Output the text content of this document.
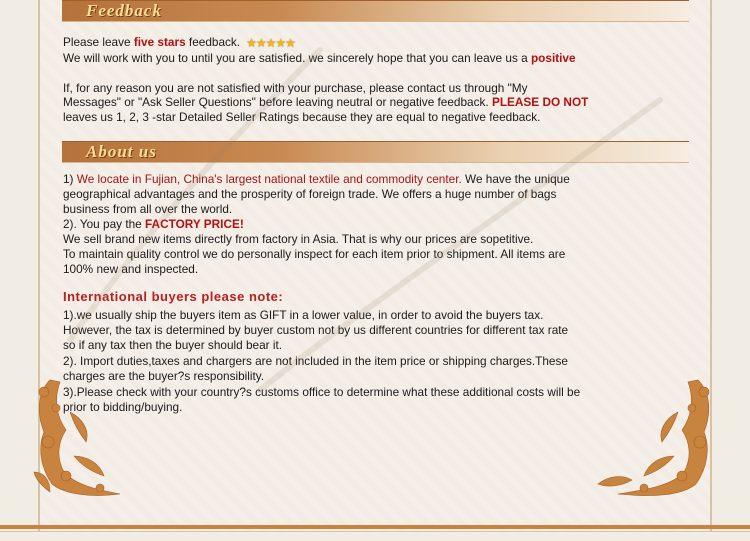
Feedback
Please leave five stars feedback. ★★★★★
We will work with you to until you are satisfied. we sincerely hope that you can leave us a positive
If, for any reason you are not satisfied with your purchase, please contact us through "My
Messages" or "Ask Seller Questions" before leaving neutral or negative feedback. PLEASE DO NOT
leaves us 1, 2, 3 -star Detailed Seller Ratings because they are equal to negative feedback.
About us
1) We locate in Fujian, China's largest national textile and commodity center. We have the unique
geographical advantages and the prosperity of foreign trade. We offers a huge number of bags
business from all over the world.
2). You pay the FACTORY PRICE!
We sell brand new items directly from factory in Asia. That is why our prices are sopetitive.
To maintain quality control we do personally inspect for each item prior to shipment. All items are
100% new and inspected.
International buyers please note:
1).we usually ship the buyers item as GIFT in a lower value, in order to avoid the buyers tax.
However, the tax is determined by buyer custom not by us different countries for different tax rate
so if any tax then the buyer should bear it.
2). Import duties,taxes and chargers are not included in the item price or shipping charges.These
charges are the buyer?s responsibility.
3).Please check with your country?s customs office to determine what these additional costs will be
prior to bidding/buying.
